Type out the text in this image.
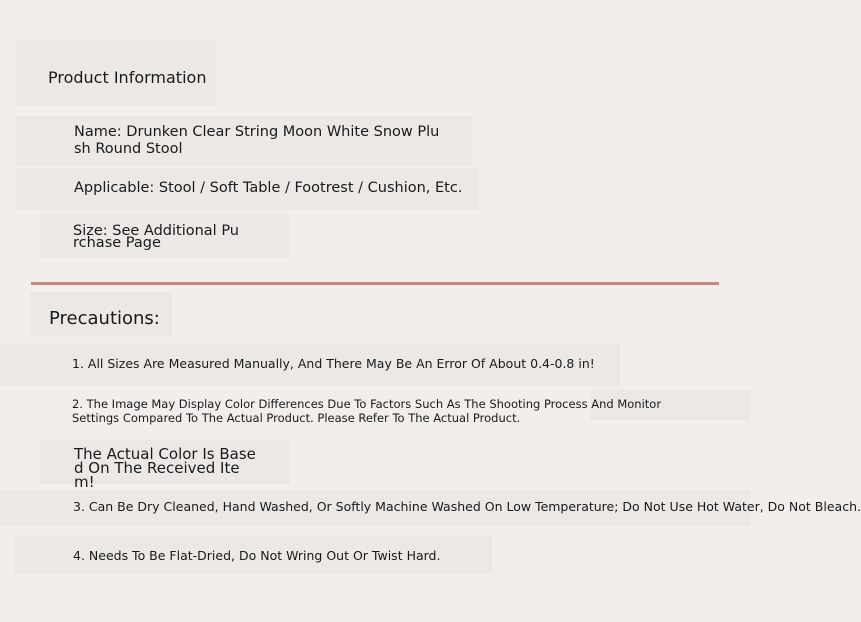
Product Information
Name: Drunken Clear String Moon White Snow Plush Round Stool
Applicable: Stool / Soft Table / Footrest / Cushion, Etc.
Size: See Additional Purchase Page
Precautions:
1. All Sizes Are Measured Manually, And There May Be An Error Of About 0.4-0.8 in!
2. The Image May Display Color Differences Due To Factors Such As The Shooting Process And Monitor Settings Compared To The Actual Product. Please Refer To The Actual Product.
The Actual Color Is Based On The Received Item!
3. Can Be Dry Cleaned, Hand Washed, Or Softly Machine Washed On Low Temperature; Do Not Use Hot Water, Do Not Bleach.
4. Needs To Be Flat-Dried, Do Not Wring Out Or Twist Hard.
